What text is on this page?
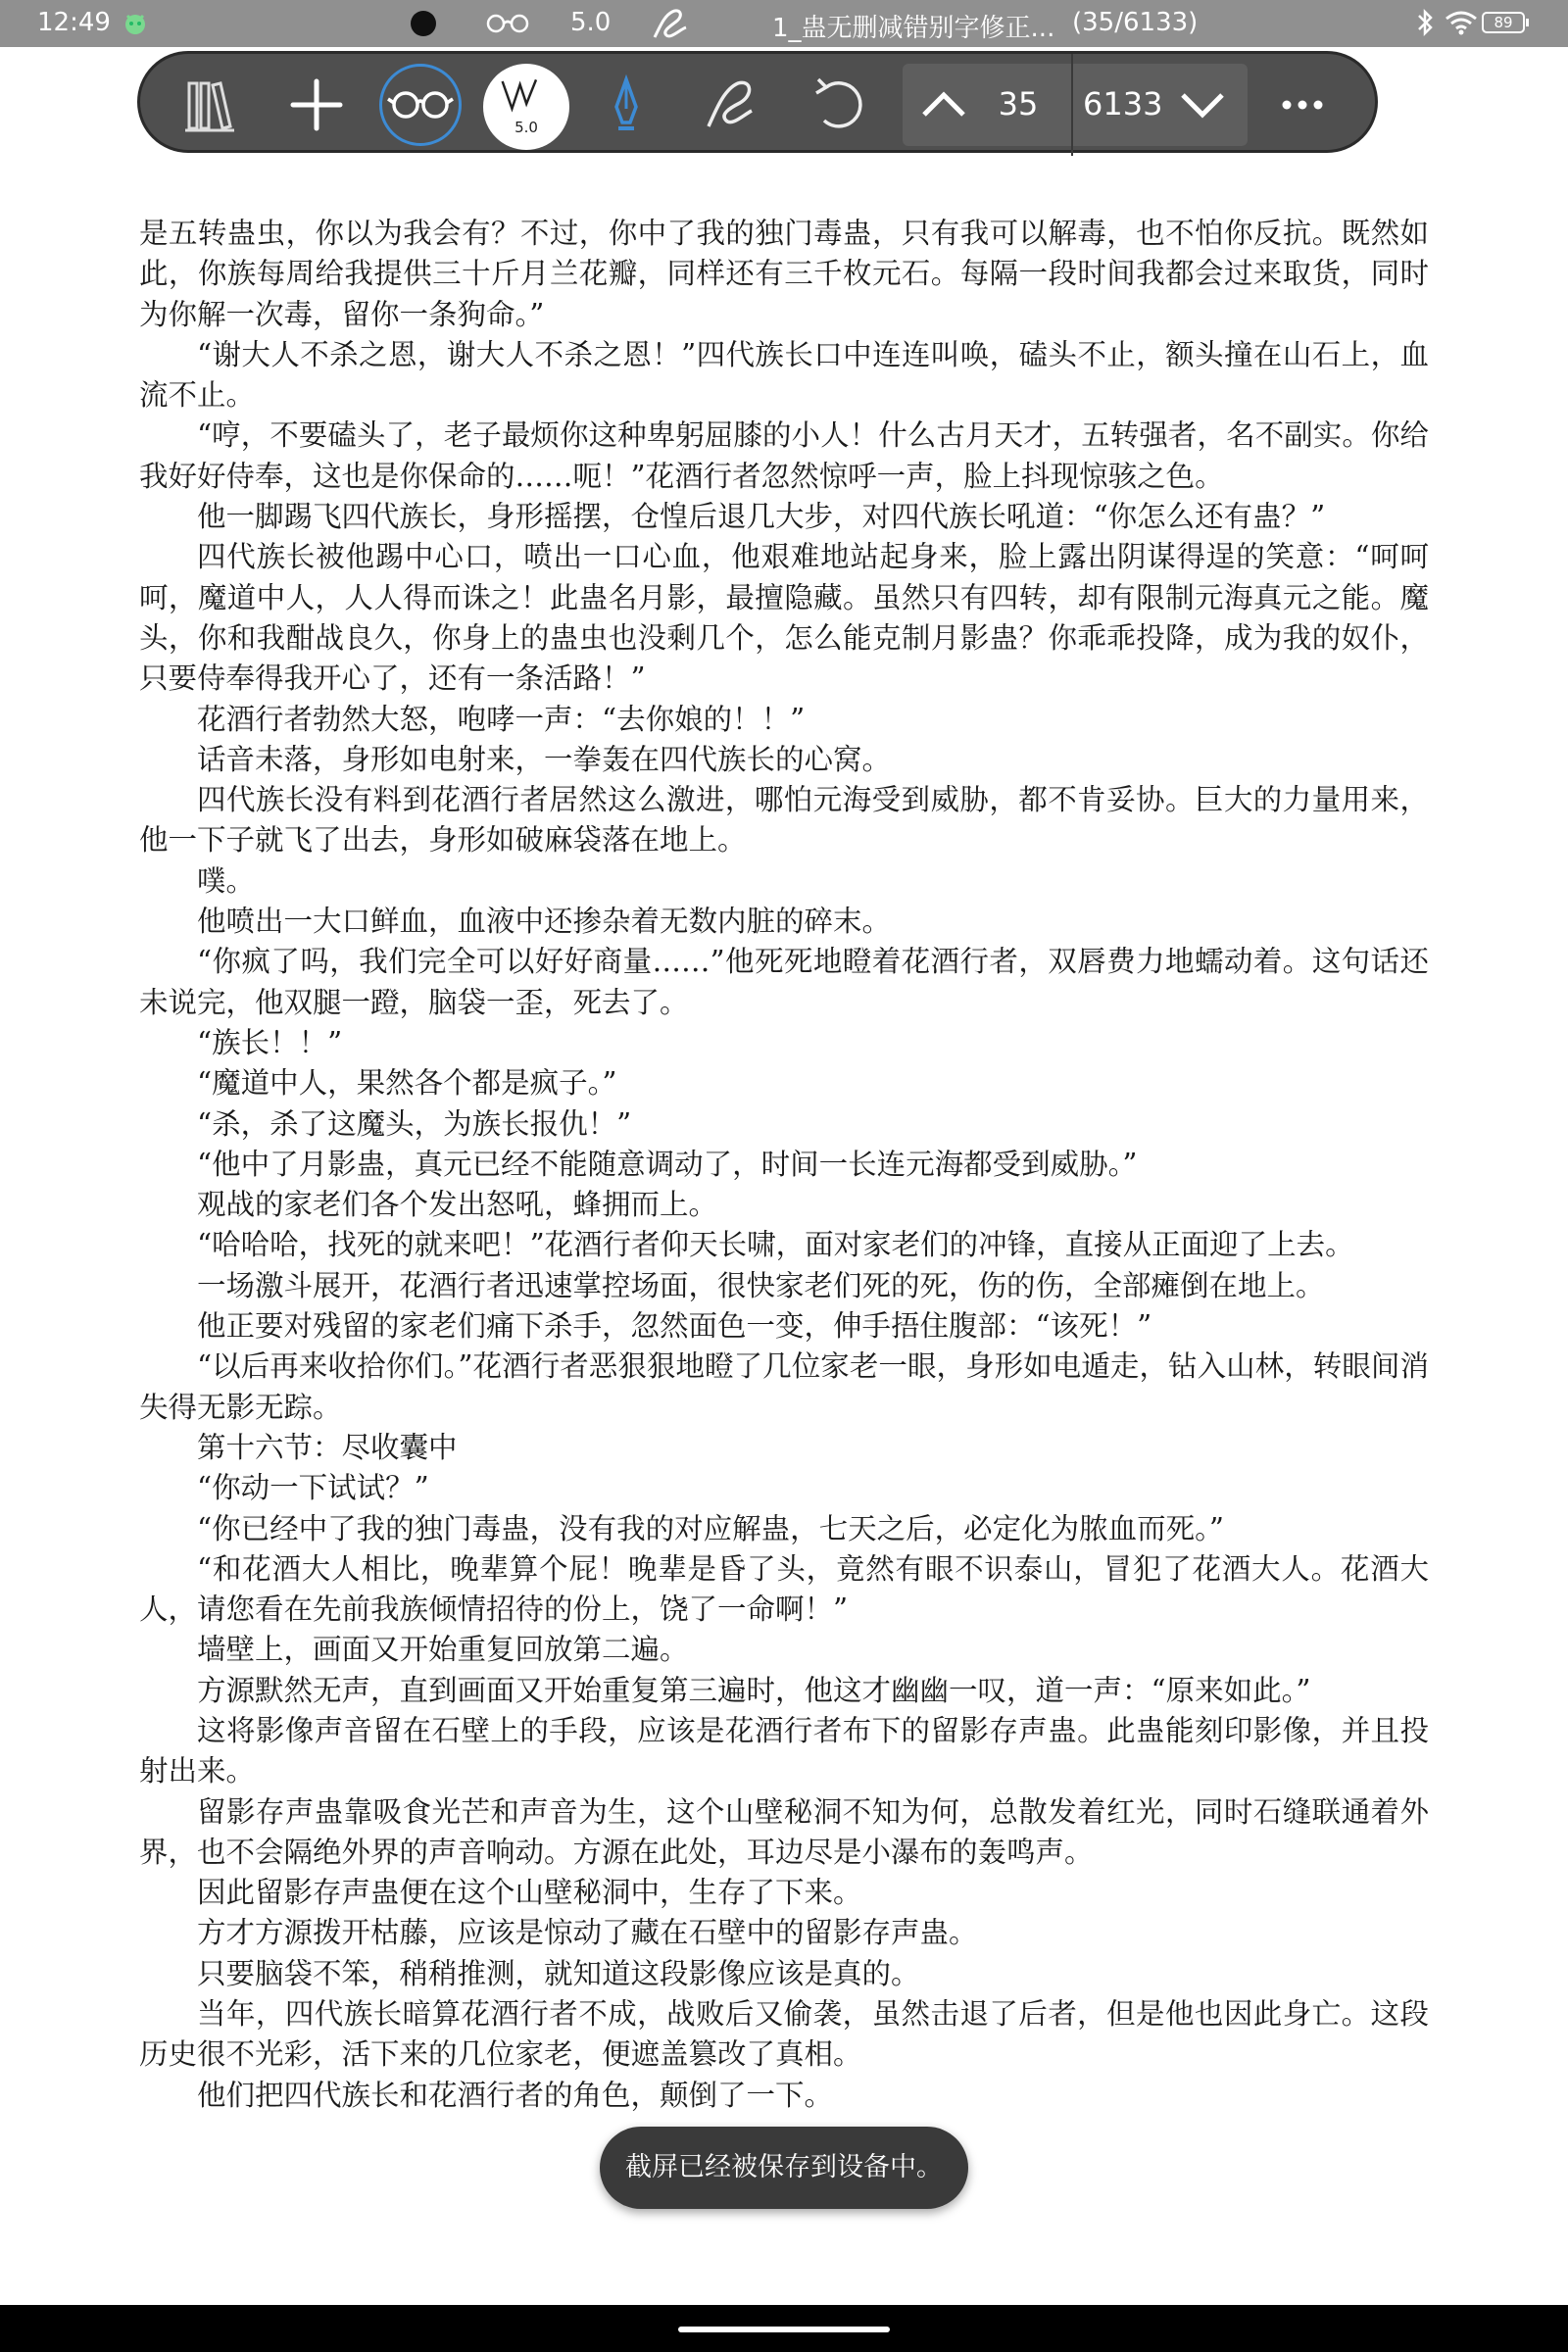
12:49	5.0	1_蛊无删减错别字修正... (35/6133)	89
5.0
35	6133

是五转蛊虫，你以为我会有？不过，你中了我的独门毒蛊，只有我可以解毒，也不怕你反抗。既然如此，你族每周给我提供三十斤月兰花瓣，同样还有三千枚元石。每隔一段时间我都会过来取货，同时为你解一次毒，留你一条狗命。”

“谢大人不杀之恩，谢大人不杀之恩！”四代族长口中连连叫唤，磕头不止，额头撞在山石上，血流不止。

“哼，不要磕头了，老子最烦你这种卑躬屈膝的小人！什么古月天才，五转强者，名不副实。你给我好好侍奉，这也是你保命的……呃！”花酒行者忽然惊呼一声，脸上抖现惊骇之色。

他一脚踢飞四代族长，身形摇摆，仓惶后退几大步，对四代族长吼道：“你怎么还有蛊？”

四代族长被他踢中心口，喷出一口心血，他艰难地站起身来，脸上露出阴谋得逞的笑意：“呵呵呵，魔道中人，人人得而诛之！此蛊名月影，最擅隐藏。虽然只有四转，却有限制元海真元之能。魔头，你和我酣战良久，你身上的蛊虫也没剩几个，怎么能克制月影蛊？你乖乖投降，成为我的奴仆，只要侍奉得我开心了，还有一条活路！”

花酒行者勃然大怒，咆哮一声：“去你娘的！！”

话音未落，身形如电射来，一拳轰在四代族长的心窝。

四代族长没有料到花酒行者居然这么激进，哪怕元海受到威胁，都不肯妥协。巨大的力量用来，他一下子就飞了出去，身形如破麻袋落在地上。

噗。

他喷出一大口鲜血，血液中还掺杂着无数内脏的碎末。

“你疯了吗，我们完全可以好好商量……”他死死地瞪着花酒行者，双唇费力地蠕动着。这句话还未说完，他双腿一蹬，脑袋一歪，死去了。

“族长！！”

“魔道中人，果然各个都是疯子。”

“杀，杀了这魔头，为族长报仇！”

“他中了月影蛊，真元已经不能随意调动了，时间一长连元海都受到威胁。”

观战的家老们各个发出怒吼，蜂拥而上。

“哈哈哈，找死的就来吧！”花酒行者仰天长啸，面对家老们的冲锋，直接从正面迎了上去。

一场激斗展开，花酒行者迅速掌控场面，很快家老们死的死，伤的伤，全部瘫倒在地上。

他正要对残留的家老们痛下杀手，忽然面色一变，伸手捂住腹部：“该死！”

“以后再来收拾你们。”花酒行者恶狠狠地瞪了几位家老一眼，身形如电遁走，钻入山林，转眼间消失得无影无踪。

第十六节：尽收囊中

“你动一下试试？”

“你已经中了我的独门毒蛊，没有我的对应解蛊，七天之后，必定化为脓血而死。”

“和花酒大人相比，晚辈算个屁！晚辈是昏了头，竟然有眼不识泰山，冒犯了花酒大人。花酒大人，请您看在先前我族倾情招待的份上，饶了一命啊！”

墙壁上，画面又开始重复回放第二遍。

方源默然无声，直到画面又开始重复第三遍时，他这才幽幽一叹，道一声：“原来如此。”

这将影像声音留在石壁上的手段，应该是花酒行者布下的留影存声蛊。此蛊能刻印影像，并且投射出来。

留影存声蛊靠吸食光芒和声音为生，这个山壁秘洞不知为何，总散发着红光，同时石缝联通着外界，也不会隔绝外界的声音响动。方源在此处，耳边尽是小瀑布的轰鸣声。

因此留影存声蛊便在这个山壁秘洞中，生存了下来。

方才方源拨开枯藤，应该是惊动了藏在石壁中的留影存声蛊。

只要脑袋不笨，稍稍推测，就知道这段影像应该是真的。

当年，四代族长暗算花酒行者不成，战败后又偷袭，虽然击退了后者，但是他也因此身亡。这段历史很不光彩，活下来的几位家老，便遮盖篡改了真相。

他们把四代族长和花酒行者的角色，颠倒了一下。

截屏已经被保存到设备中。
